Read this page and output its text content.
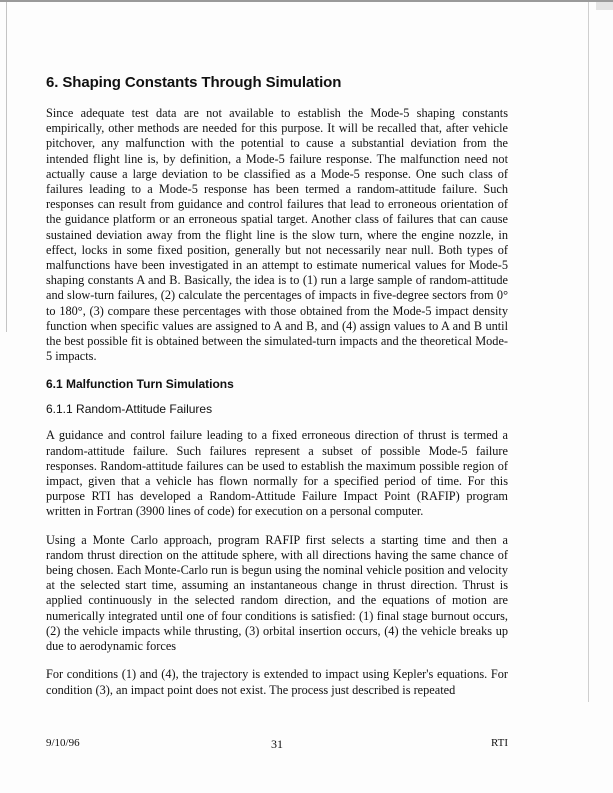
6. Shaping Constants Through Simulation

Since adequate test data are not available to establish the Mode-5 shaping constants empirically, other methods are needed for this purpose. It will be recalled that, after vehicle pitchover, any malfunction with the potential to cause a substantial deviation from the intended flight line is, by definition, a Mode-5 failure response. The malfunction need not actually cause a large deviation to be classified as a Mode-5 response. One such class of failures leading to a Mode-5 response has been termed a random-attitude failure. Such responses can result from guidance and control failures that lead to erroneous orientation of the guidance platform or an erroneous spatial target. Another class of failures that can cause sustained deviation away from the flight line is the slow turn, where the engine nozzle, in effect, locks in some fixed position, generally but not necessarily near null. Both types of malfunctions have been investigated in an attempt to estimate numerical values for Mode-5 shaping constants A and B. Basically, the idea is to (1) run a large sample of random-attitude and slow-turn failures, (2) calculate the percentages of impacts in five-degree sectors from 0° to 180°, (3) compare these percentages with those obtained from the Mode-5 impact density function when specific values are assigned to A and B, and (4) assign values to A and B until the best possible fit is obtained between the simulated-turn impacts and the theoretical Mode-5 impacts.

6.1 Malfunction Turn Simulations
6.1.1 Random-Attitude Failures

A guidance and control failure leading to a fixed erroneous direction of thrust is termed a random-attitude failure. Such failures represent a subset of possible Mode-5 failure responses. Random-attitude failures can be used to establish the maximum possible region of impact, given that a vehicle has flown normally for a specified period of time. For this purpose RTI has developed a Random-Attitude Failure Impact Point (RAFIP) program written in Fortran (3900 lines of code) for execution on a personal computer.

Using a Monte Carlo approach, program RAFIP first selects a starting time and then a random thrust direction on the attitude sphere, with all directions having the same chance of being chosen. Each Monte-Carlo run is begun using the nominal vehicle position and velocity at the selected start time, assuming an instantaneous change in thrust direction. Thrust is applied continuously in the selected random direction, and the equations of motion are numerically integrated until one of four conditions is satisfied: (1) final stage burnout occurs, (2) the vehicle impacts while thrusting, (3) orbital insertion occurs, (4) the vehicle breaks up due to aerodynamic forces

For conditions (1) and (4), the trajectory is extended to impact using Kepler's equations. For condition (3), an impact point does not exist. The process just described is repeated

9/10/96	31	RTI
